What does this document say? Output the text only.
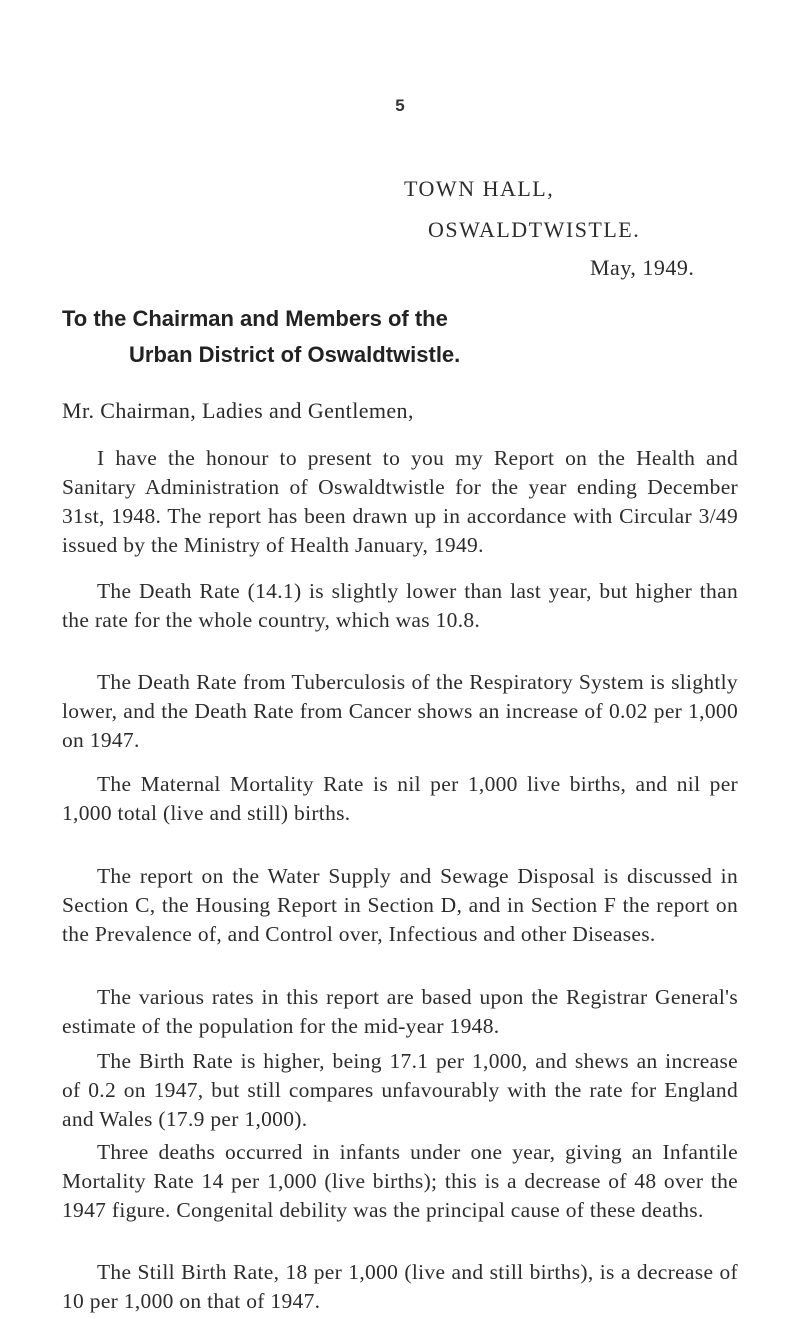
5
TOWN HALL,
OSWALDTWISTLE.
May, 1949.
To the Chairman and Members of the
Urban District of Oswaldtwistle.
Mr. Chairman, Ladies and Gentlemen,

I have the honour to present to you my Report on the Health and Sanitary Administration of Oswaldtwistle for the year ending December 31st, 1948. The report has been drawn up in accordance with Circular 3/49 issued by the Ministry of Health January, 1949.

The Death Rate (14.1) is slightly lower than last year, but higher than the rate for the whole country, which was 10.8.

The Death Rate from Tuberculosis of the Respiratory System is slightly lower, and the Death Rate from Cancer shows an increase of 0.02 per 1,000 on 1947.

The Maternal Mortality Rate is nil per 1,000 live births, and nil per 1,000 total (live and still) births.

The report on the Water Supply and Sewage Disposal is discussed in Section C, the Housing Report in Section D, and in Section F the report on the Prevalence of, and Control over, Infectious and other Diseases.

The various rates in this report are based upon the Registrar General's estimate of the population for the mid-year 1948.

The Birth Rate is higher, being 17.1 per 1,000, and shews an increase of 0.2 on 1947, but still compares unfavourably with the rate for England and Wales (17.9 per 1,000).

Three deaths occurred in infants under one year, giving an Infantile Mortality Rate 14 per 1,000 (live births); this is a decrease of 48 over the 1947 figure. Congenital debility was the principal cause of these deaths.

The Still Birth Rate, 18 per 1,000 (live and still births), is a decrease of 10 per 1,000 on that of 1947.
